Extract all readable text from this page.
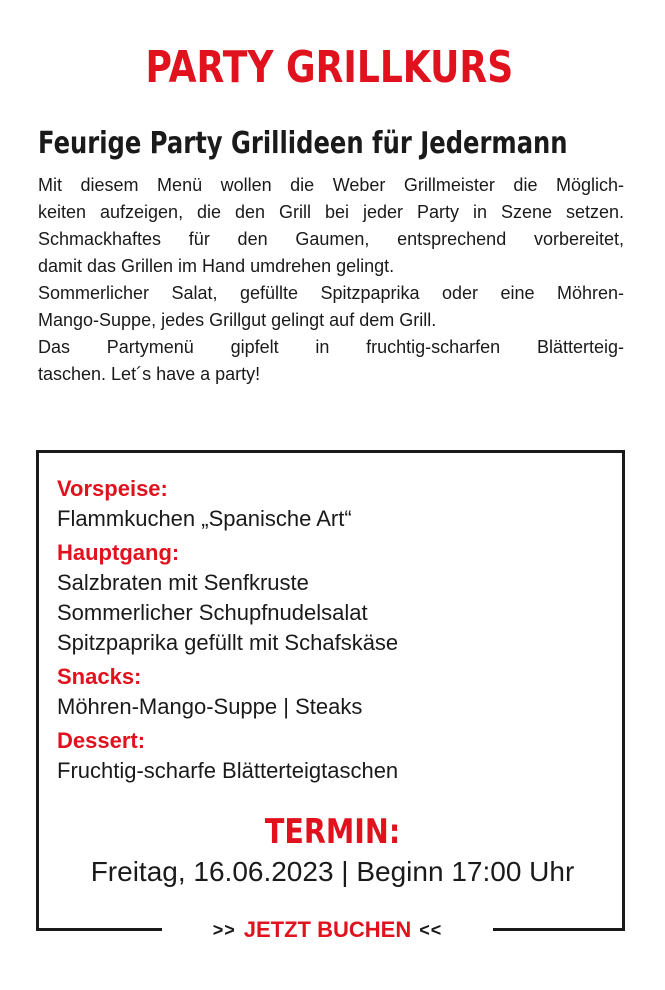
PARTY GRILLKURS
Feurige Party Grillideen für Jedermann
Mit diesem Menü wollen die Weber Grillmeister die Möglich-
keiten aufzeigen, die den Grill bei jeder Party in Szene setzen.
Schmackhaftes für den Gaumen, entsprechend vorbereitet,
damit das Grillen im Hand umdrehen gelingt.
Sommerlicher Salat, gefüllte Spitzpaprika oder eine Möhren-
Mango-Suppe, jedes Grillgut gelingt auf dem Grill.
Das Partymenü gipfelt in fruchtig-scharfen Blätterteig-
taschen. Let´s have a party!
Vorspeise:
Flammkuchen „Spanische Art“
Hauptgang:
Salzbraten mit Senfkruste
Sommerlicher Schupfnudelsalat
Spitzpaprika gefüllt mit Schafskäse
Snacks:
Möhren-Mango-Suppe | Steaks
Dessert:
Fruchtig-scharfe Blätterteigtaschen
TERMIN:
Freitag, 16.06.2023 | Beginn 17:00 Uhr
>> JETZT BUCHEN <<
